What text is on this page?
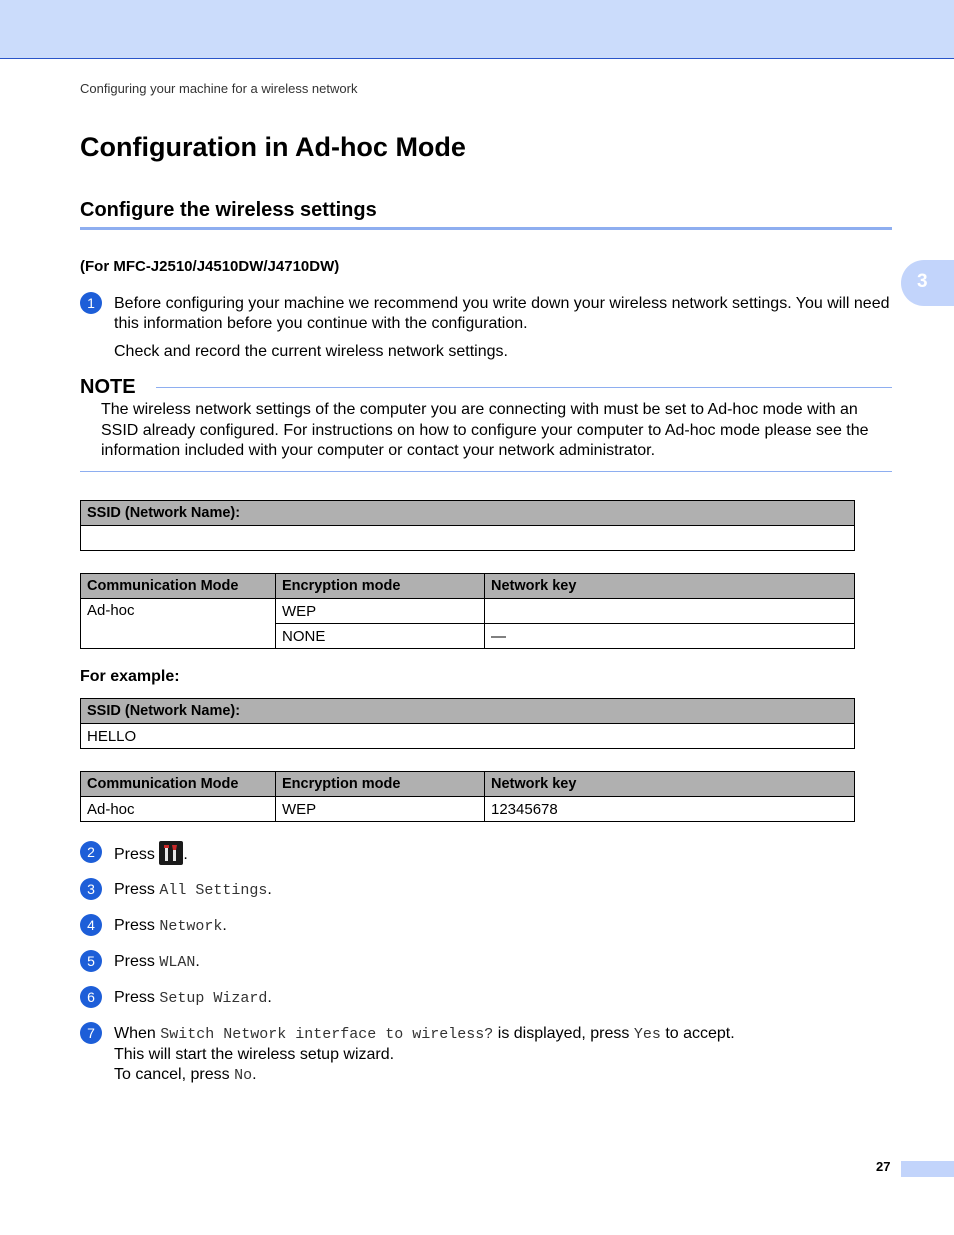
Configuring your machine for a wireless network
3
Configuration in Ad-hoc Mode
Configure the wireless settings
(For MFC-J2510/J4510DW/J4710DW)
1	Before configuring your machine we recommend you write down your wireless network settings. You will need this information before you continue with the configuration.
Check and record the current wireless network settings.
NOTE
The wireless network settings of the computer you are connecting with must be set to Ad-hoc mode with an SSID already configured. For instructions on how to configure your computer to Ad-hoc mode please see the information included with your computer or contact your network administrator.
SSID (Network Name):

Communication Mode	Encryption mode	Network key
Ad-hoc	WEP	
	NONE	—
For example:
SSID (Network Name):
HELLO
Communication Mode	Encryption mode	Network key
Ad-hoc	WEP	12345678
2	Press .
3	Press All Settings.
4	Press Network.
5	Press WLAN.
6	Press Setup Wizard.
7	When Switch Network interface to wireless? is displayed, press Yes to accept.
This will start the wireless setup wizard.
To cancel, press No.
27
